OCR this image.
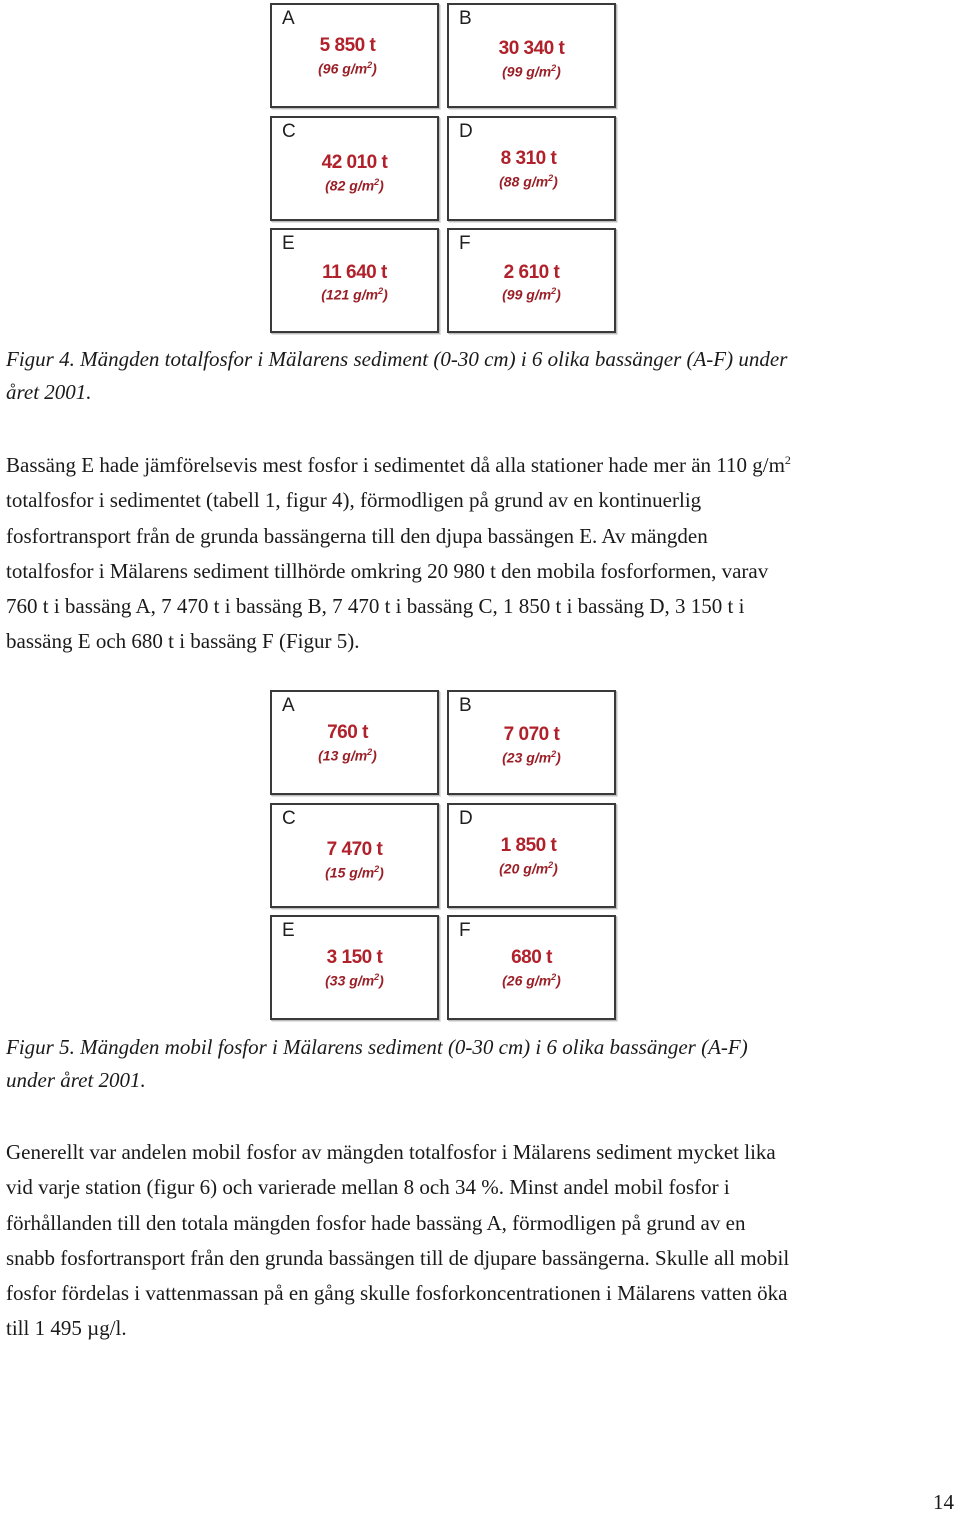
A
5 850 t
(96 $g/m^2$)
B
30 340 t
(99 $g/m^2$)
C
42 010 t
(82 $g/m^2$)
D
8 310 t
(88 $g/m^2$)
E
11 640 t
(121 $g/m^2$)
F
2 610 t
(99 $g/m^2$)
Figur 4. Mängden totalfosfor i Mälarens sediment (0-30 cm) i 6 olika bassänger (A-F) under
året 2001.
Bassäng E hade jämförelsevis mest fosfor i sedimentet då alla stationer hade mer än 110 $g/m^2$
totalfosfor i sedimentet (tabell 1, figur 4), förmodligen på grund av en kontinuerlig
fosfortransport från de grunda bassängerna till den djupa bassängen E. Av mängden
totalfosfor i Mälarens sediment tillhörde omkring 20 980 t den mobila fosforformen, varav
760 t i bassäng A, 7 470 t i bassäng B, 7 470 t i bassäng C, 1 850 t i bassäng D, 3 150 t i
bassäng E och 680 t i bassäng F (Figur 5).
A
760 t
(13 $g/m^2$)
B
7 070 t
(23 $g/m^2$)
C
7 470 t
(15 $g/m^2$)
D
1 850 t
(20 $g/m^2$)
E
3 150 t
(33 $g/m^2$)
F
680 t
(26 $g/m^2$)
Figur 5. Mängden mobil fosfor i Mälarens sediment (0-30 cm) i 6 olika bassänger (A-F)
under året 2001.
Generellt var andelen mobil fosfor av mängden totalfosfor i Mälarens sediment mycket lika
vid varje station (figur 6) och varierade mellan 8 och 34 %. Minst andel mobil fosfor i
förhållanden till den totala mängden fosfor hade bassäng A, förmodligen på grund av en
snabb fosfortransport från den grunda bassängen till de djupare bassängerna. Skulle all mobil
fosfor fördelas i vattenmassan på en gång skulle fosforkoncentrationen i Mälarens vatten öka
till 1 495 µg/l.
14
